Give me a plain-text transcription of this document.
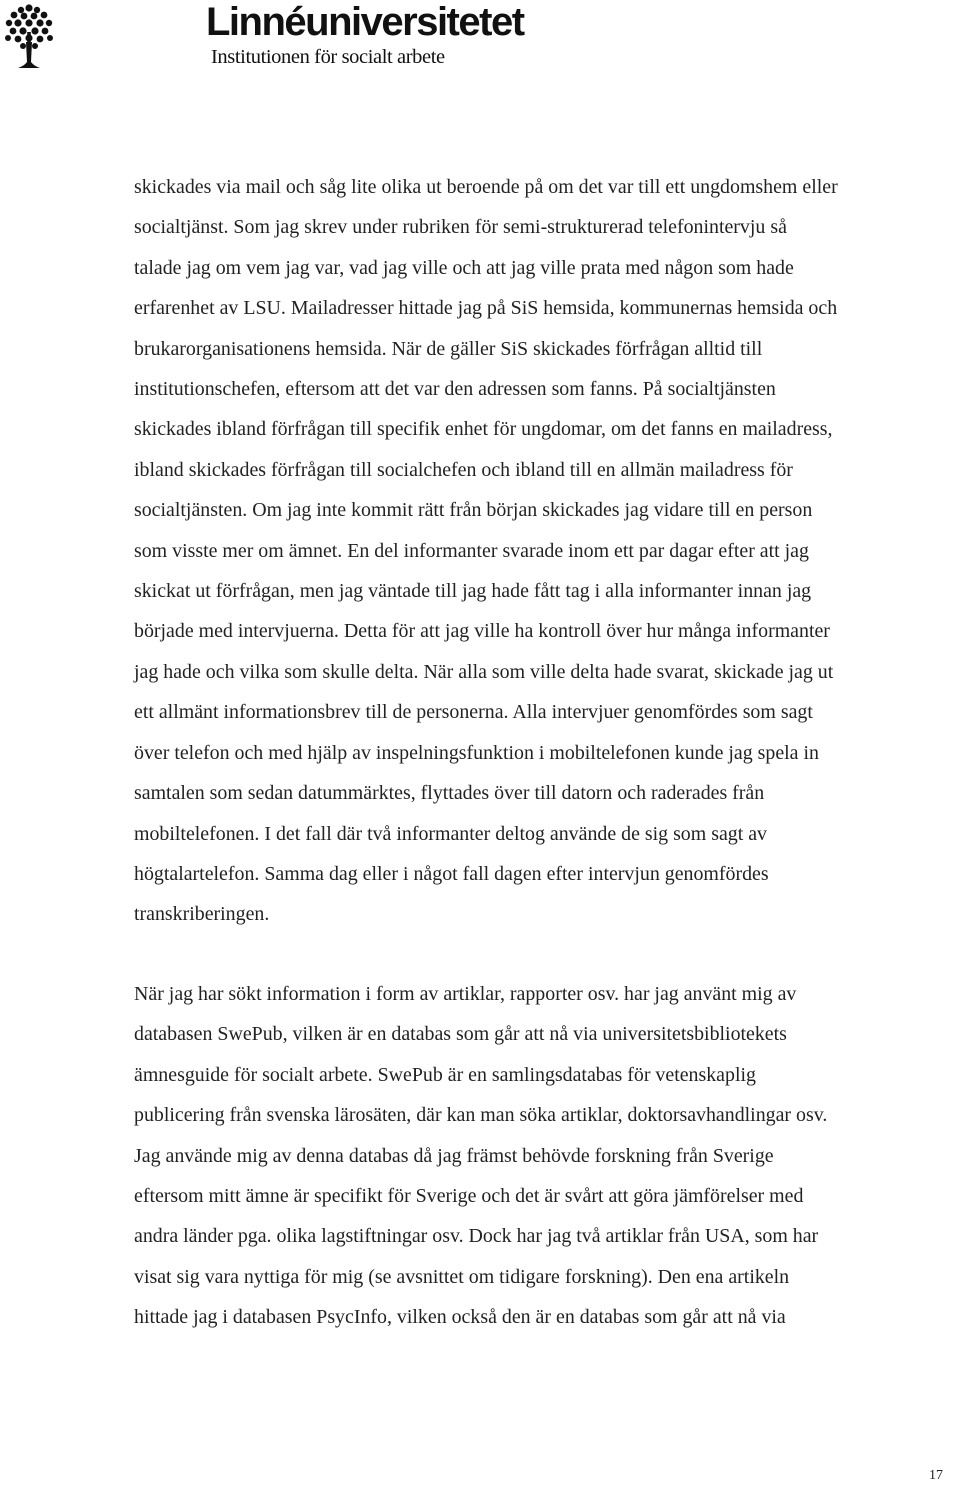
Linnéuniversitetet
Institutionen för socialt arbete

skickades via mail och såg lite olika ut beroende på om det var till ett ungdomshem eller
socialtjänst. Som jag skrev under rubriken för semi-strukturerad telefonintervju så
talade jag om vem jag var, vad jag ville och att jag ville prata med någon som hade
erfarenhet av LSU. Mailadresser hittade jag på SiS hemsida, kommunernas hemsida och
brukarorganisationens hemsida. När de gäller SiS skickades förfrågan alltid till
institutionschefen, eftersom att det var den adressen som fanns. På socialtjänsten
skickades ibland förfrågan till specifik enhet för ungdomar, om det fanns en mailadress,
ibland skickades förfrågan till socialchefen och ibland till en allmän mailadress för
socialtjänsten. Om jag inte kommit rätt från början skickades jag vidare till en person
som visste mer om ämnet. En del informanter svarade inom ett par dagar efter att jag
skickat ut förfrågan, men jag väntade till jag hade fått tag i alla informanter innan jag
började med intervjuerna. Detta för att jag ville ha kontroll över hur många informanter
jag hade och vilka som skulle delta. När alla som ville delta hade svarat, skickade jag ut
ett allmänt informationsbrev till de personerna. Alla intervjuer genomfördes som sagt
över telefon och med hjälp av inspelningsfunktion i mobiltelefonen kunde jag spela in
samtalen som sedan datummärktes, flyttades över till datorn och raderades från
mobiltelefonen. I det fall där två informanter deltog använde de sig som sagt av
högtalartelefon. Samma dag eller i något fall dagen efter intervjun genomfördes
transkriberingen.

När jag har sökt information i form av artiklar, rapporter osv. har jag använt mig av
databasen SwePub, vilken är en databas som går att nå via universitetsbibliotekets
ämnesguide för socialt arbete. SwePub är en samlingsdatabas för vetenskaplig
publicering från svenska lärosäten, där kan man söka artiklar, doktorsavhandlingar osv.
Jag använde mig av denna databas då jag främst behövde forskning från Sverige
eftersom mitt ämne är specifikt för Sverige och det är svårt att göra jämförelser med
andra länder pga. olika lagstiftningar osv. Dock har jag två artiklar från USA, som har
visat sig vara nyttiga för mig (se avsnittet om tidigare forskning). Den ena artikeln
hittade jag i databasen PsycInfo, vilken också den är en databas som går att nå via

17
